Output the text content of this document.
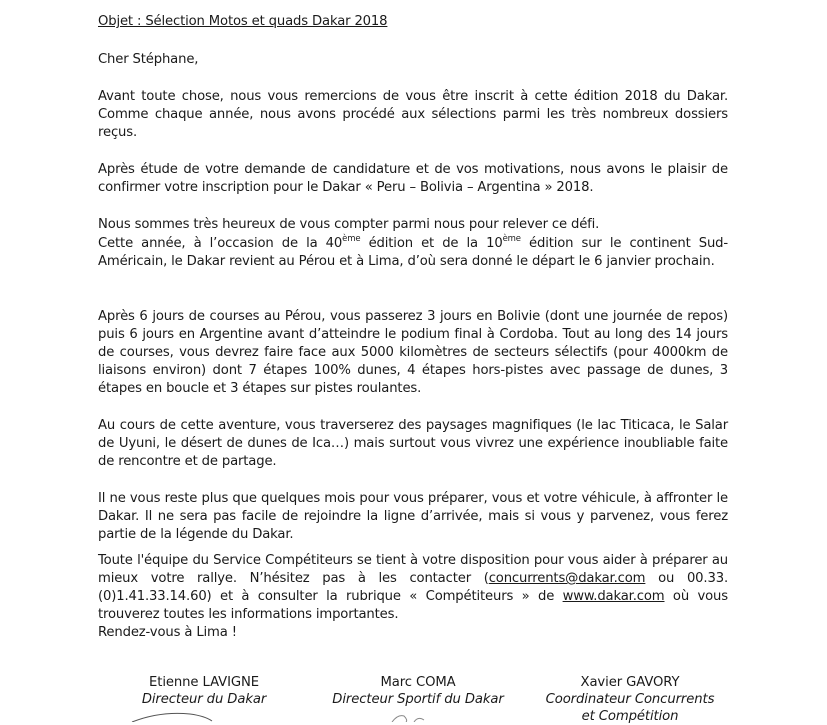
Objet : Sélection Motos et quads Dakar 2018

Cher Stéphane,

Avant toute chose, nous vous remercions de vous être inscrit à cette édition 2018 du Dakar. Comme chaque année, nous avons procédé aux sélections parmi les très nombreux dossiers reçus.

Après étude de votre demande de candidature et de vos motivations, nous avons le plaisir de confirmer votre inscription pour le Dakar « Peru – Bolivia – Argentina » 2018.

Nous sommes très heureux de vous compter parmi nous pour relever ce défi.

Cette année, à l’occasion de la 40ème édition et de la 10ème édition sur le continent Sud-Américain, le Dakar revient au Pérou et à Lima, d’où sera donné le départ le 6 janvier prochain.

Après 6 jours de courses au Pérou, vous passerez 3 jours en Bolivie (dont une journée de repos) puis 6 jours en Argentine avant d’atteindre le podium final à Cordoba. Tout au long des 14 jours de courses, vous devrez faire face aux 5000 kilomètres de secteurs sélectifs (pour 4000km de liaisons environ) dont 7 étapes 100% dunes, 4 étapes hors-pistes avec passage de dunes, 3 étapes en boucle et 3 étapes sur pistes roulantes.

Au cours de cette aventure, vous traverserez des paysages magnifiques (le lac Titicaca, le Salar de Uyuni, le désert de dunes de Ica…) mais surtout vous vivrez une expérience inoubliable faite de rencontre et de partage.

Il ne vous reste plus que quelques mois pour vous préparer, vous et votre véhicule, à affronter le Dakar. Il ne sera pas facile de rejoindre la ligne d’arrivée, mais si vous y parvenez, vous ferez partie de la légende du Dakar.

Toute l'équipe du Service Compétiteurs se tient à votre disposition pour vous aider à préparer au mieux votre rallye. N’hésitez pas à les contacter (concurrents@dakar.com ou 00.33.(0)1.41.33.14.60) et à consulter la rubrique « Compétiteurs » de www.dakar.com où vous trouverez toutes les informations importantes.

Rendez-vous à Lima !

Etienne LAVIGNE
Directeur du Dakar
Marc COMA
Directeur Sportif du Dakar
Xavier GAVORY
Coordinateur Concurrents
et Compétition
